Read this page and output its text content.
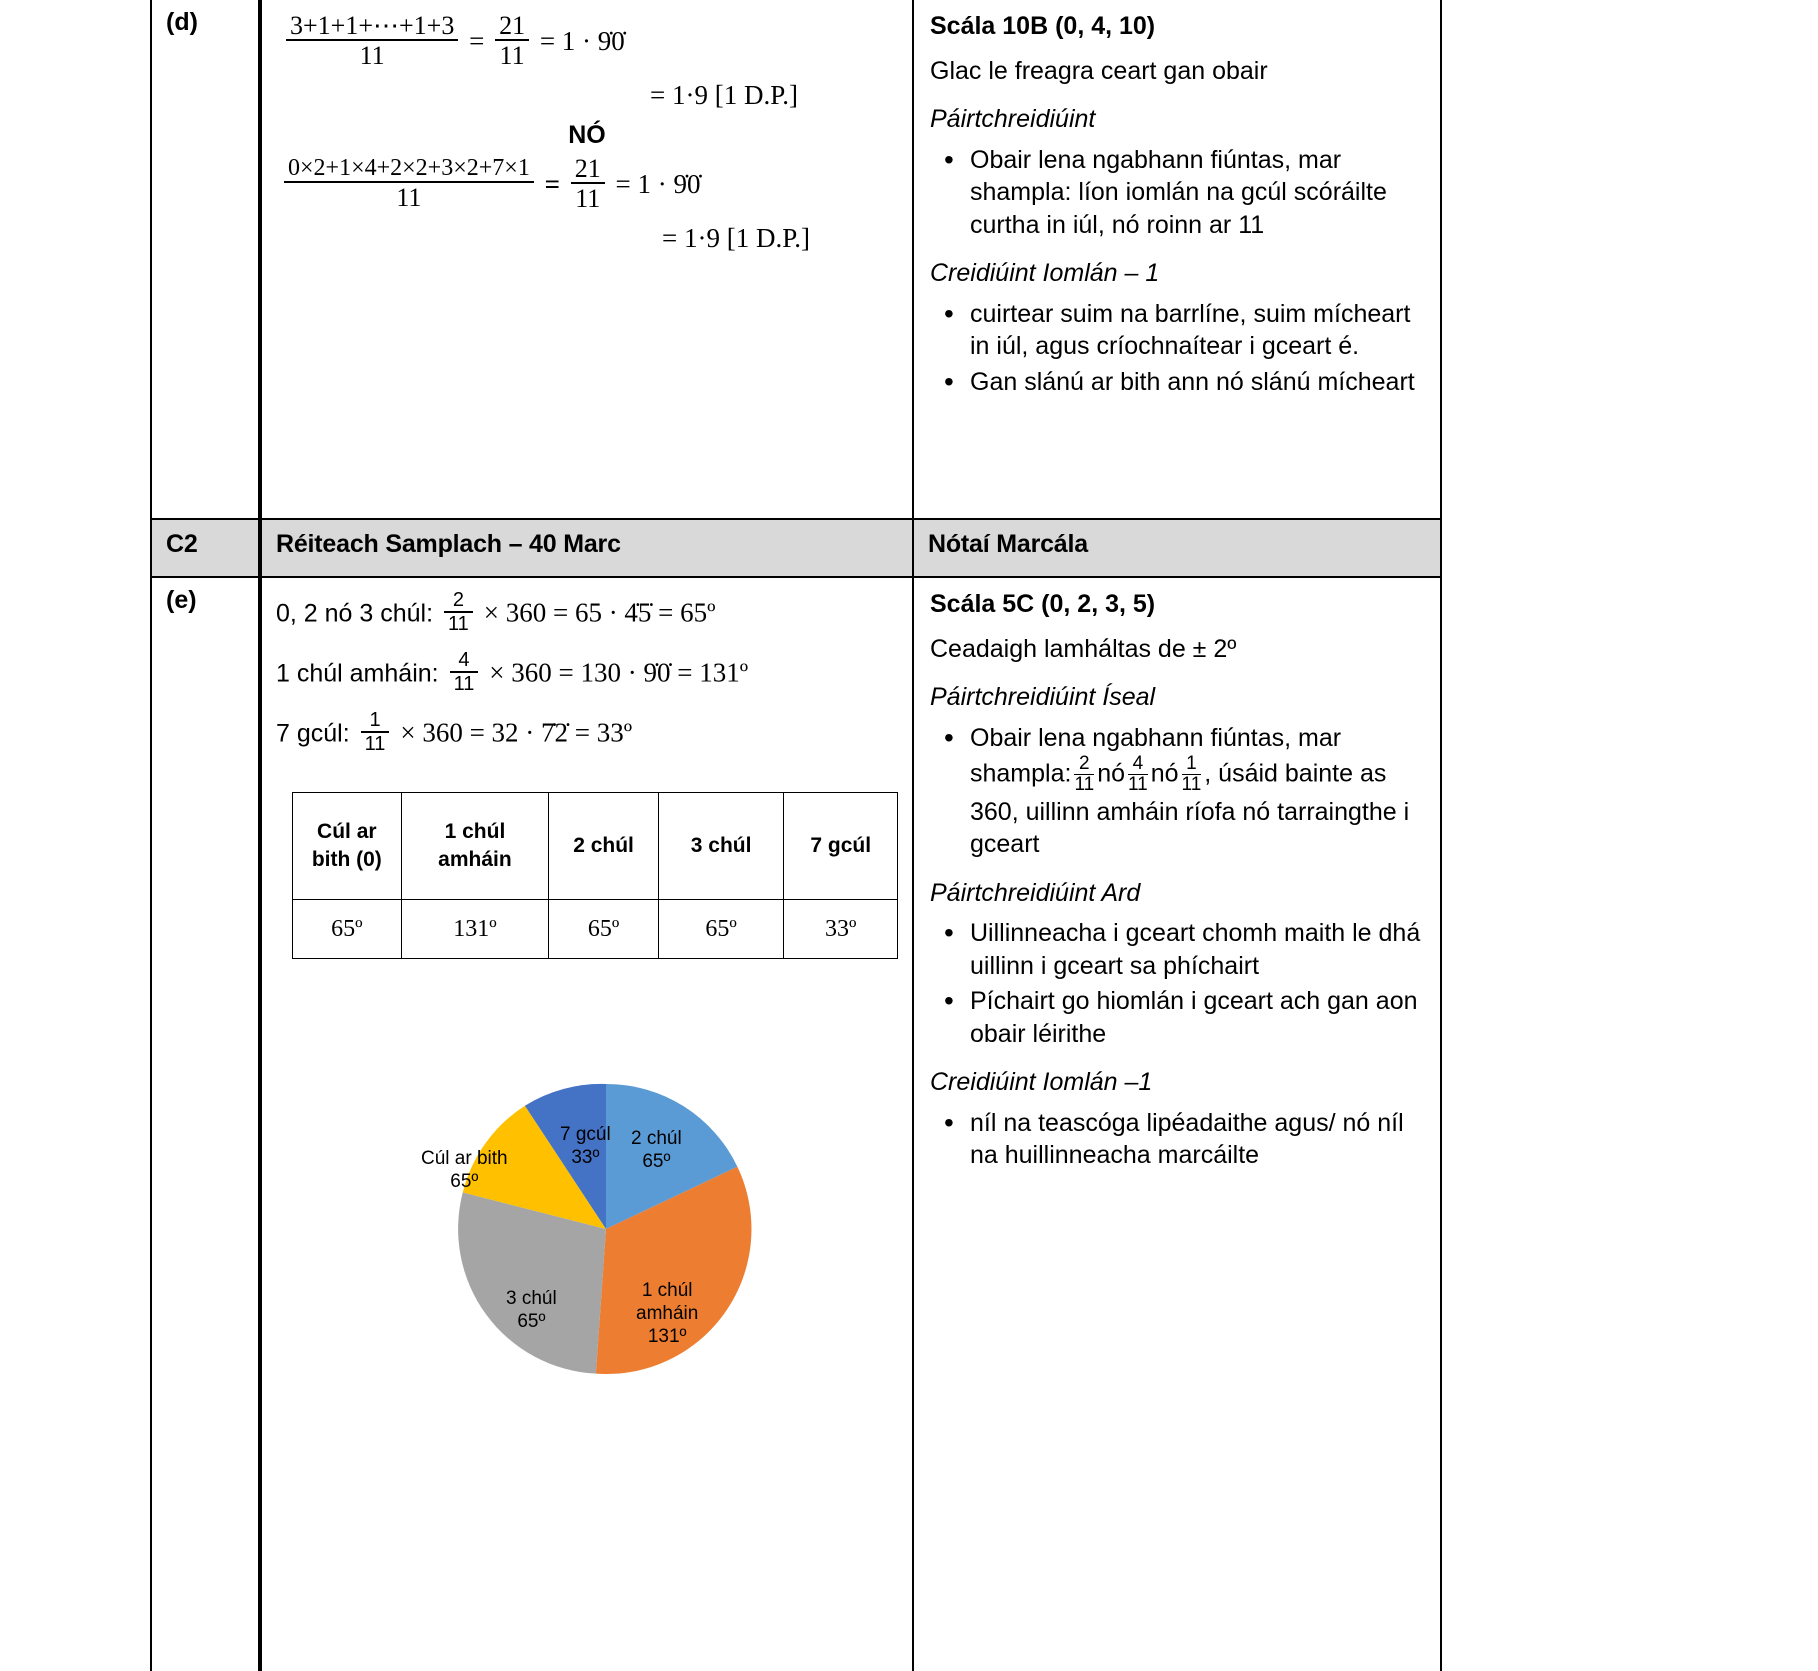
(d)	$\frac{3+1+1+\cdots+1+3}{11} = \frac{21}{11} = 1$ · 9̇0̇
= 1·9 [1 D.P.]
NÓ
$\frac{0\times 2+1\times 4+2\times 2+3\times 2+7\times 1}{11} = \frac{21}{11} = 1$ · 9̇0̇
= 1·9 [1 D.P.]
Scála 10B (0, 4, 10)
Glac le freagra ceart gan obair
Páirtchreidiúint
• Obair lena ngabhann fiúntas, mar shampla: líon iomlán na gcúl scóráilte curtha in iúl, nó roinn ar 11
Creidiúint Iomlán – 1
• cuirtear suim na barrlíne, suim mícheart in iúl, agus críochnaítear i gceart é.
• Gan slánú ar bith ann nó slánú mícheart
C2	Réiteach Samplach – 40 Marc	Nótaí Marcála
(e)	0, 2 nó 3 chúl: $\frac{2}{11} \times 360 = 65$ · 4̇5̇ = 65º
1 chúl amháin: $\frac{4}{11} \times 360 = 130$ · 9̇0̇ = 131º
7 gcúl: $\frac{1}{11} \times 360 = 32$ · 7̇2̇ = 33º
Cúl ar bith (0)	1 chúl amháin	2 chúl	3 chúl	7 gcúl
65º	131º	65º	65º	33º
2 chúl
65º
1 chúl
amháin
131º
3 chúl
65º
Cúl ar bith
65º
7 gcúl
33º
Scála 5C (0, 2, 3, 5)
Ceadaigh lamháltas de ± 2º
Páirtchreidiúint Íseal
• Obair lena ngabhann fiúntas, mar shampla: $\frac{2}{11}$ nó $\frac{4}{11}$ nó $\frac{1}{11}$ , úsáid bainte as 360, uillinn amháin ríofa nó tarraingthe i gceart
Páirtchreidiúint Ard
• Uillinneacha i gceart chomh maith le dhá uillinn i gceart sa phíchairt
• Píchairt go hiomlán i gceart ach gan aon obair léirithe
Creidiúint Iomlán –1
• níl na teascóga lipéadaithe agus/ nó níl na huillinneacha marcáilte
